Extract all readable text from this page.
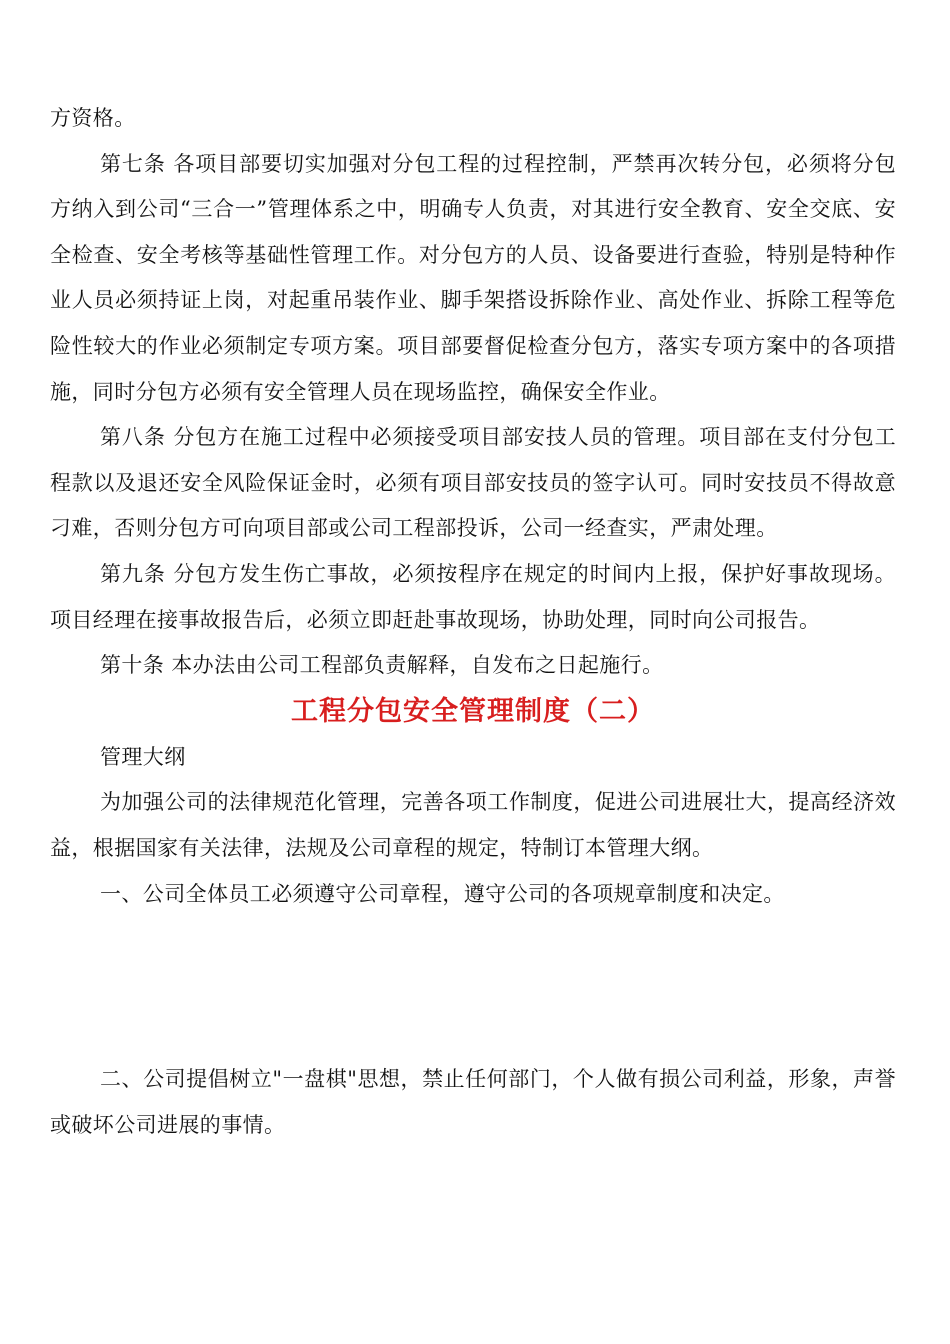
方资格。

第七条 各项目部要切实加强对分包工程的过程控制，严禁再次转分包，必须将分包方纳入到公司“三合一”管理体系之中，明确专人负责，对其进行安全教育、安全交底、安全检查、安全考核等基础性管理工作。对分包方的人员、设备要进行查验，特别是特种作业人员必须持证上岗，对起重吊装作业、脚手架搭设拆除作业、高处作业、拆除工程等危险性较大的作业必须制定专项方案。项目部要督促检查分包方，落实专项方案中的各项措施，同时分包方必须有安全管理人员在现场监控，确保安全作业。

第八条 分包方在施工过程中必须接受项目部安技人员的管理。项目部在支付分包工程款以及退还安全风险保证金时，必须有项目部安技员的签字认可。同时安技员不得故意刁难，否则分包方可向项目部或公司工程部投诉，公司一经查实，严肃处理。

第九条 分包方发生伤亡事故，必须按程序在规定的时间内上报，保护好事故现场。项目经理在接事故报告后，必须立即赶赴事故现场，协助处理，同时向公司报告。

第十条 本办法由公司工程部负责解释，自发布之日起施行。

工程分包安全管理制度（二）

管理大纲

为加强公司的法律规范化管理，完善各项工作制度，促进公司进展壮大，提高经济效益，根据国家有关法律，法规及公司章程的规定，特制订本管理大纲。

一、公司全体员工必须遵守公司章程，遵守公司的各项规章制度和决定。

二、公司提倡树立"一盘棋"思想，禁止任何部门，个人做有损公司利益，形象，声誉或破坏公司进展的事情。
